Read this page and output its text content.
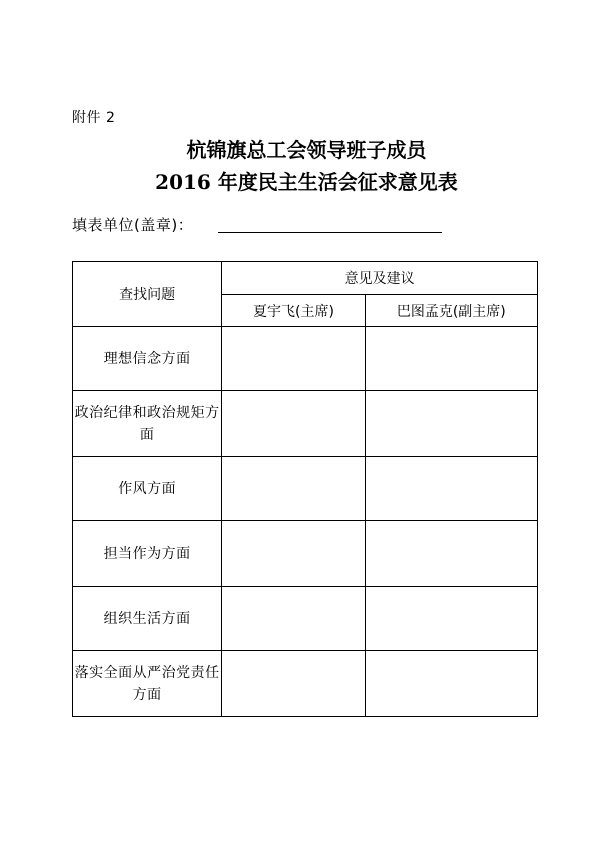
附件 2
杭锦旗总工会领导班子成员
2016 年度民主生活会征求意见表
填表单位(盖章)：
查找问题	意见及建议	
	夏宇飞(主席)	巴图孟克(副主席)
理想信念方面		
政治纪律和政治规矩方面		
作风方面		
担当作为方面		
组织生活方面		
落实全面从严治党责任方面		
